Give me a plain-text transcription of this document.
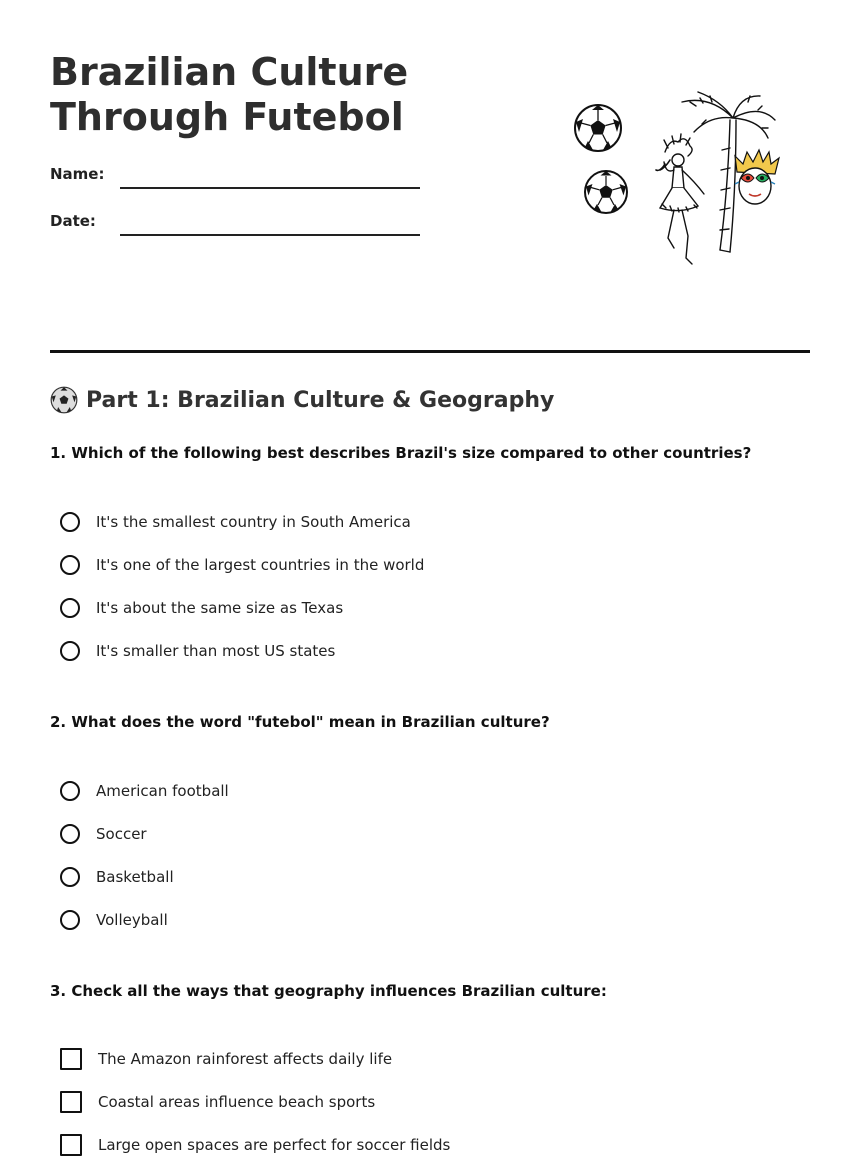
Brazilian Culture
Through Futebol
Name:
Date:
Part 1: Brazilian Culture & Geography
1. Which of the following best describes Brazil's size compared to other countries?
It's the smallest country in South America
It's one of the largest countries in the world
It's about the same size as Texas
It's smaller than most US states
2. What does the word "futebol" mean in Brazilian culture?
American football
Soccer
Basketball
Volleyball
3. Check all the ways that geography influences Brazilian culture:
The Amazon rainforest affects daily life
Coastal areas influence beach sports
Large open spaces are perfect for soccer fields
